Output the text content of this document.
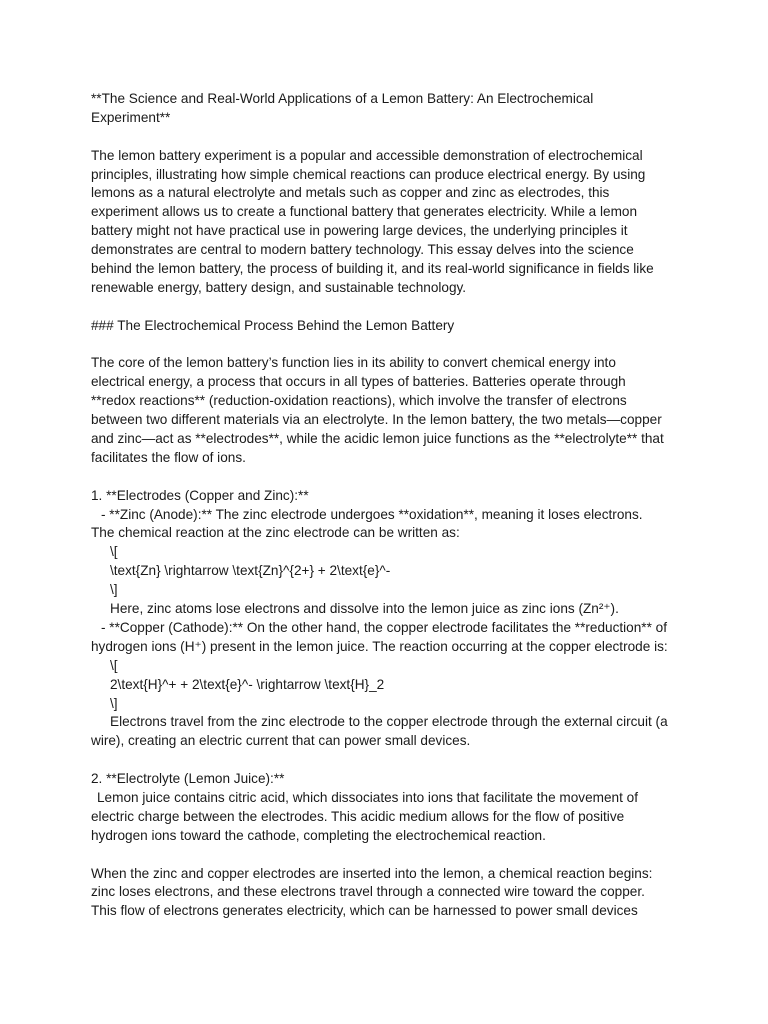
**The Science and Real-World Applications of a Lemon Battery: An Electrochemical
Experiment**
The lemon battery experiment is a popular and accessible demonstration of electrochemical
principles, illustrating how simple chemical reactions can produce electrical energy. By using
lemons as a natural electrolyte and metals such as copper and zinc as electrodes, this
experiment allows us to create a functional battery that generates electricity. While a lemon
battery might not have practical use in powering large devices, the underlying principles it
demonstrates are central to modern battery technology. This essay delves into the science
behind the lemon battery, the process of building it, and its real-world significance in fields like
renewable energy, battery design, and sustainable technology.
### The Electrochemical Process Behind the Lemon Battery
The core of the lemon battery’s function lies in its ability to convert chemical energy into
electrical energy, a process that occurs in all types of batteries. Batteries operate through
**redox reactions** (reduction-oxidation reactions), which involve the transfer of electrons
between two different materials via an electrolyte. In the lemon battery, the two metals—copper
and zinc—act as **electrodes**, while the acidic lemon juice functions as the **electrolyte** that
facilitates the flow of ions.
1. **Electrodes (Copper and Zinc):**
- **Zinc (Anode):** The zinc electrode undergoes **oxidation**, meaning it loses electrons.
The chemical reaction at the zinc electrode can be written as:
\[
\text{Zn} \rightarrow \text{Zn}^{2+} + 2\text{e}^-
\]
Here, zinc atoms lose electrons and dissolve into the lemon juice as zinc ions (Zn²⁺).
- **Copper (Cathode):** On the other hand, the copper electrode facilitates the **reduction** of
hydrogen ions (H⁺) present in the lemon juice. The reaction occurring at the copper electrode is:
\[
2\text{H}^+ + 2\text{e}^- \rightarrow \text{H}_2
\]
Electrons travel from the zinc electrode to the copper electrode through the external circuit (a
wire), creating an electric current that can power small devices.
2. **Electrolyte (Lemon Juice):**
Lemon juice contains citric acid, which dissociates into ions that facilitate the movement of
electric charge between the electrodes. This acidic medium allows for the flow of positive
hydrogen ions toward the cathode, completing the electrochemical reaction.
When the zinc and copper electrodes are inserted into the lemon, a chemical reaction begins:
zinc loses electrons, and these electrons travel through a connected wire toward the copper.
This flow of electrons generates electricity, which can be harnessed to power small devices
